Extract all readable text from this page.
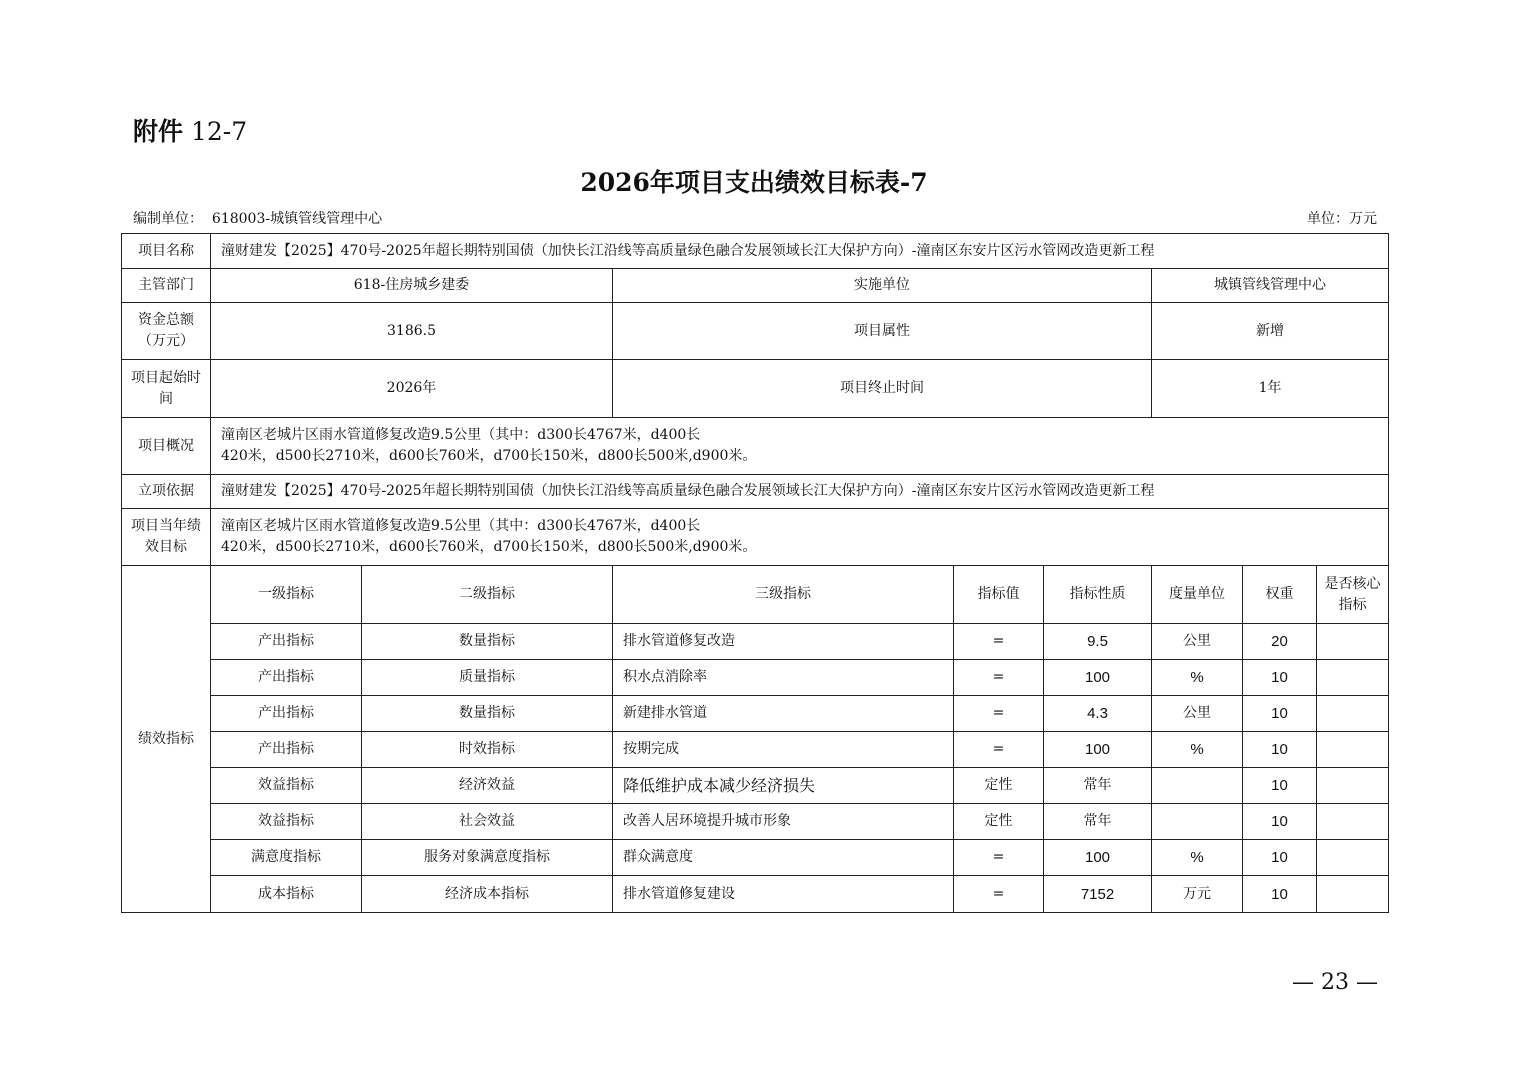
附件 12-7
2026年项目支出绩效目标表-7
编制单位： 618003-城镇管线管理中心	单位：万元
项目名称	潼财建发【2025】470号-2025年超长期特别国债（加快长江沿线等高质量绿色融合发展领域长江大保护方向）-潼南区东安片区污水管网改造更新工程							
主管部门	618-住房城乡建委		实施单位			城镇管线管理中心		
资金总额（万元）	3186.5		项目属性			新增		
项目起始时间	2026年		项目终止时间			1年		
项目概况	潼南区老城片区雨水管道修复改造9.5公里（其中：d300长4767米，d400长
420米，d500长2710米，d600长760米，d700长150米，d800长500米,d900米。							

立项依据	潼财建发【2025】470号-2025年超长期特别国债（加快长江沿线等高质量绿色融合发展领域长江大保护方向）-潼南区东安片区污水管网改造更新工程							
项目当年绩效目标	潼南区老城片区雨水管道修复改造9.5公里（其中：d300长4767米，d400长
420米，d500长2710米，d600长760米，d700长150米，d800长500米,d900米。							

绩效指标	一级指标	二级指标	三级指标	指标值	指标性质	度量单位	权重	是否核心指标
	产出指标	数量指标	排水管道修复改造	=	9.5	公里	20	
	产出指标	质量指标	积水点消除率	=	100	%	10	
	产出指标	数量指标	新建排水管道	=	4.3	公里	10	
	产出指标	时效指标	按期完成	=	100	%	10	
	效益指标	经济效益	降低维护成本减少经济损失	定性	常年		10	
	效益指标	社会效益	改善人居环境提升城市形象	定性	常年		10	
	满意度指标	服务对象满意度指标	群众满意度	=	100	%	10	
	成本指标	经济成本指标	排水管道修复建设	=	7152	万元	10	
— 23 —
